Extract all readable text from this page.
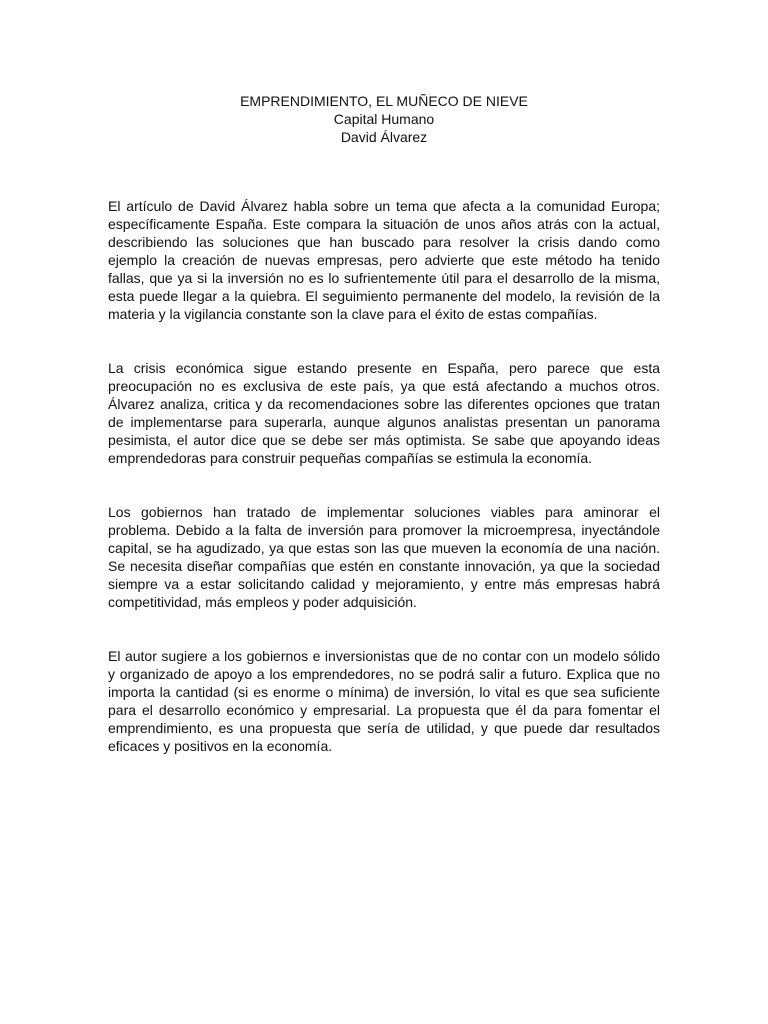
EMPRENDIMIENTO, EL MUÑECO DE NIEVE
Capital Humano
David Álvarez

El artículo de David Álvarez habla sobre un tema que afecta a la comunidad Europa; específicamente España. Este compara la situación de unos años atrás con la actual, describiendo las soluciones que han buscado para resolver la crisis dando como ejemplo la creación de nuevas empresas, pero advierte que este método ha tenido fallas, que ya si la inversión no es lo sufrientemente útil para el desarrollo de la misma, esta puede llegar a la quiebra. El seguimiento permanente del modelo, la revisión de la materia y la vigilancia constante son la clave para el éxito de estas compañías.

La crisis económica sigue estando presente en España, pero parece que esta preocupación no es exclusiva de este país, ya que está afectando a muchos otros. Álvarez analiza, critica y da recomendaciones sobre las diferentes opciones que tratan de implementarse para superarla, aunque algunos analistas presentan un panorama pesimista, el autor dice que se debe ser más optimista. Se sabe que apoyando ideas emprendedoras para construir pequeñas compañías se estimula la economía.

Los gobiernos han tratado de implementar soluciones viables para aminorar el problema. Debido a la falta de inversión para promover la microempresa, inyectándole capital, se ha agudizado, ya que estas son las que mueven la economía de una nación. Se necesita diseñar compañías que estén en constante innovación, ya que la sociedad siempre va a estar solicitando calidad y mejoramiento, y entre más empresas habrá competitividad, más empleos y poder adquisición.

El autor sugiere a los gobiernos e inversionistas que de no contar con un modelo sólido y organizado de apoyo a los emprendedores, no se podrá salir a futuro. Explica que no importa la cantidad (si es enorme o mínima) de inversión, lo vital es que sea suficiente para el desarrollo económico y empresarial. La propuesta que él da para fomentar el emprendimiento, es una propuesta que sería de utilidad, y que puede dar resultados eficaces y positivos en la economía.
